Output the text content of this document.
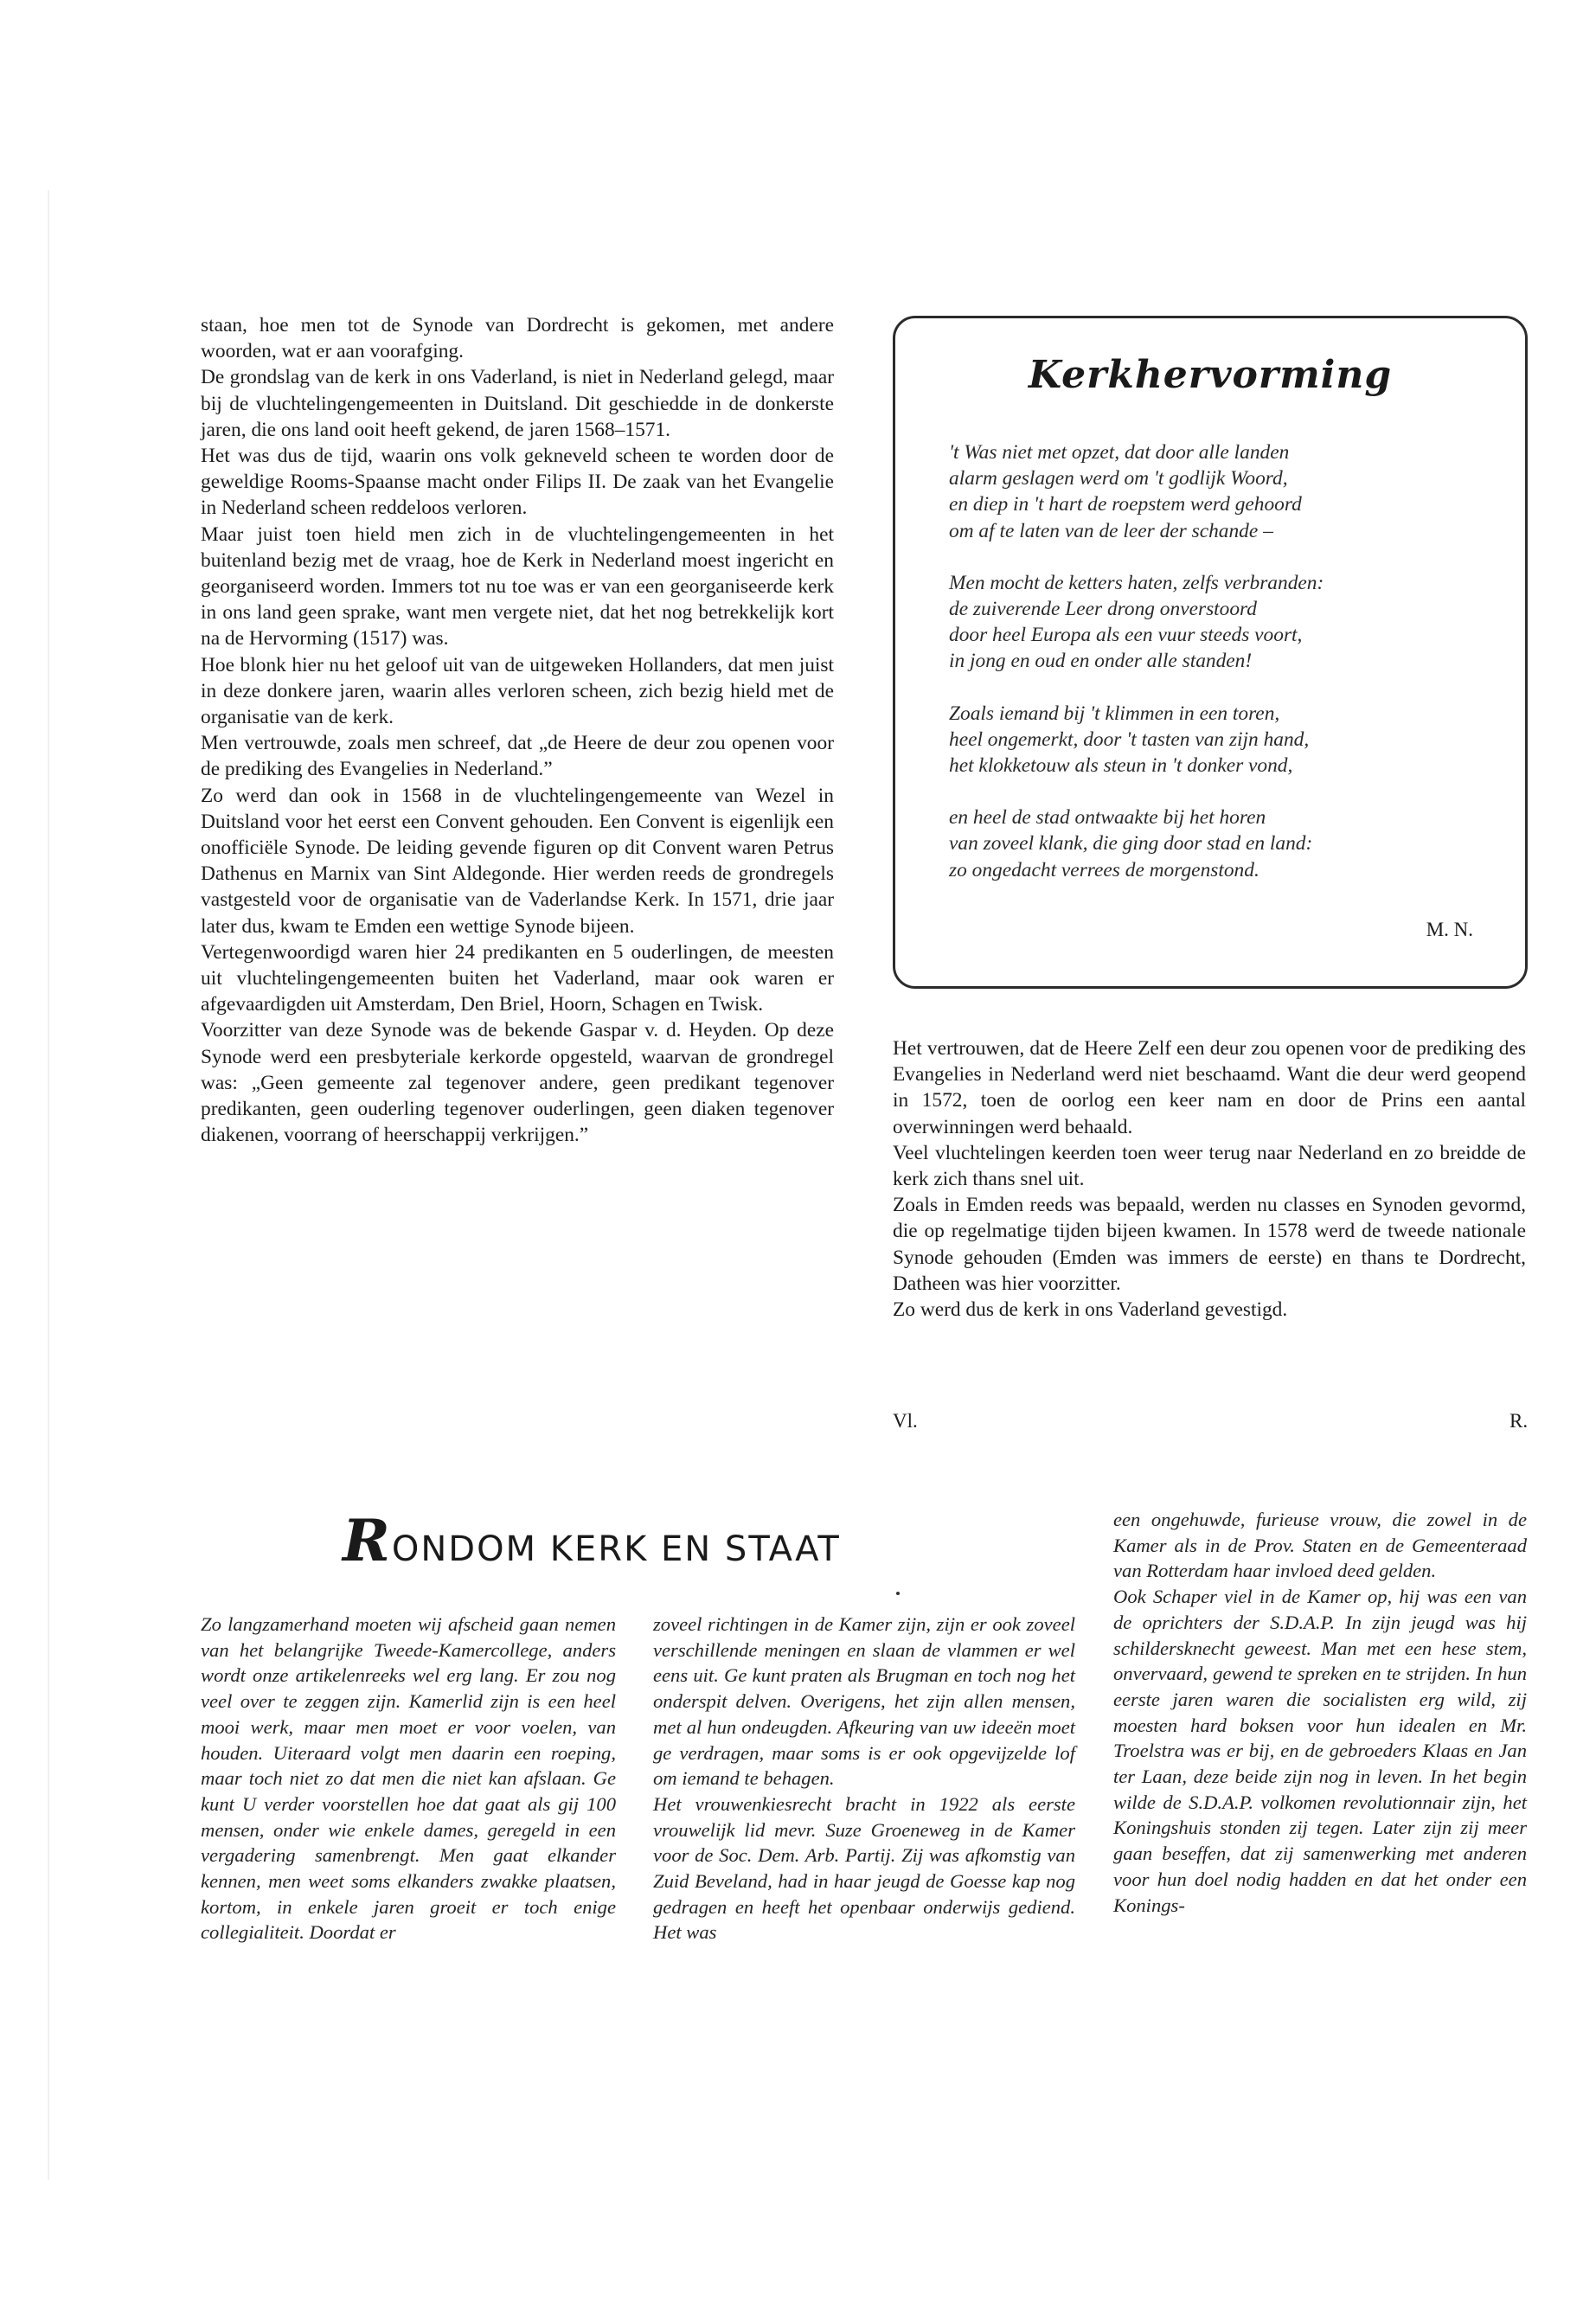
staan, hoe men tot de Synode van Dordrecht is gekomen, met andere woorden, wat er aan voorafging.

De grondslag van de kerk in ons Vaderland, is niet in Nederland gelegd, maar bij de vluchtelingengemeenten in Duitsland. Dit geschiedde in de donkerste jaren, die ons land ooit heeft gekend, de jaren 1568–1571.

Het was dus de tijd, waarin ons volk gekneveld scheen te worden door de geweldige Rooms-Spaanse macht onder Filips II. De zaak van het Evangelie in Nederland scheen reddeloos verloren.

Maar juist toen hield men zich in de vluchtelingengemeenten in het buitenland bezig met de vraag, hoe de Kerk in Nederland moest ingericht en georganiseerd worden. Immers tot nu toe was er van een georganiseerde kerk in ons land geen sprake, want men vergete niet, dat het nog betrekkelijk kort na de Hervorming (1517) was.

Hoe blonk hier nu het geloof uit van de uitgeweken Hollanders, dat men juist in deze donkere jaren, waarin alles verloren scheen, zich bezig hield met de organisatie van de kerk.

Men vertrouwde, zoals men schreef, dat „de Heere de deur zou openen voor de prediking des Evangelies in Nederland.”

Zo werd dan ook in 1568 in de vluchtelingengemeente van Wezel in Duitsland voor het eerst een Convent gehouden. Een Convent is eigenlijk een onofficiële Synode. De leiding gevende figuren op dit Convent waren Petrus Dathenus en Marnix van Sint Aldegonde. Hier werden reeds de grondregels vastgesteld voor de organisatie van de Vaderlandse Kerk. In 1571, drie jaar later dus, kwam te Emden een wettige Synode bijeen.

Vertegenwoordigd waren hier 24 predikanten en 5 ouderlingen, de meesten uit vluchtelingengemeenten buiten het Vaderland, maar ook waren er afgevaardigden uit Amsterdam, Den Briel, Hoorn, Schagen en Twisk.

Voorzitter van deze Synode was de bekende Gaspar v. d. Heyden. Op deze Synode werd een presbyteriale kerkorde opgesteld, waarvan de grondregel was: „Geen gemeente zal tegenover andere, geen predikant tegenover predikanten, geen ouderling tegenover ouderlingen, geen diaken tegenover diakenen, voorrang of heerschappij verkrijgen.”

Kerkhervorming
't Was niet met opzet, dat door alle landen
alarm geslagen werd om 't godlijk Woord,
en diep in 't hart de roepstem werd gehoord
om af te laten van de leer der schande –
Men mocht de ketters haten, zelfs verbranden:
de zuiverende Leer drong onverstoord
door heel Europa als een vuur steeds voort,
in jong en oud en onder alle standen!
Zoals iemand bij 't klimmen in een toren,
heel ongemerkt, door 't tasten van zijn hand,
het klokketouw als steun in 't donker vond,
en heel de stad ontwaakte bij het horen
van zoveel klank, die ging door stad en land:
zo ongedacht verrees de morgenstond.
M. N.

Het vertrouwen, dat de Heere Zelf een deur zou openen voor de prediking des Evangelies in Nederland werd niet beschaamd. Want die deur werd geopend in 1572, toen de oorlog een keer nam en door de Prins een aantal overwinningen werd behaald.

Veel vluchtelingen keerden toen weer terug naar Nederland en zo breidde de kerk zich thans snel uit.

Zoals in Emden reeds was bepaald, werden nu classes en Synoden gevormd, die op regelmatige tijden bijeen kwamen. In 1578 werd de tweede nationale Synode gehouden (Emden was immers de eerste) en thans te Dordrecht, Datheen was hier voorzitter.

Zo werd dus de kerk in ons Vaderland gevestigd.

Vl.	R.
RONDOM KERK EN STAAT

Zo langzamerhand moeten wij afscheid gaan nemen van het belangrijke Tweede-Kamercollege, anders wordt onze artikelenreeks wel erg lang. Er zou nog veel over te zeggen zijn. Kamerlid zijn is een heel mooi werk, maar men moet er voor voelen, van houden. Uiteraard volgt men daarin een roeping, maar toch niet zo dat men die niet kan afslaan. Ge kunt U verder voorstellen hoe dat gaat als gij 100 mensen, onder wie enkele dames, geregeld in een vergadering samenbrengt. Men gaat elkander kennen, men weet soms elkanders zwakke plaatsen, kortom, in enkele jaren groeit er toch enige collegialiteit. Doordat er

zoveel richtingen in de Kamer zijn, zijn er ook zoveel verschillende meningen en slaan de vlammen er wel eens uit. Ge kunt praten als Brugman en toch nog het onderspit delven. Overigens, het zijn allen mensen, met al hun ondeugden. Afkeuring van uw ideeën moet ge verdragen, maar soms is er ook opgevijzelde lof om iemand te behagen.
Het vrouwenkiesrecht bracht in 1922 als eerste vrouwelijk lid mevr. Suze Groeneweg in de Kamer voor de Soc. Dem. Arb. Partij. Zij was afkomstig van Zuid Beveland, had in haar jeugd de Goesse kap nog gedragen en heeft het openbaar onderwijs gediend. Het was

een ongehuwde, furieuse vrouw, die zowel in de Kamer als in de Prov. Staten en de Gemeenteraad van Rotterdam haar invloed deed gelden.
Ook Schaper viel in de Kamer op, hij was een van de oprichters der S.D.A.P. In zijn jeugd was hij schildersknecht geweest. Man met een hese stem, onvervaard, gewend te spreken en te strijden. In hun eerste jaren waren die socialisten erg wild, zij moesten hard boksen voor hun idealen en Mr. Troelstra was er bij, en de gebroeders Klaas en Jan ter Laan, deze beide zijn nog in leven. In het begin wilde de S.D.A.P. volkomen revolutionnair zijn, het Koningshuis stonden zij tegen. Later zijn zij meer gaan beseffen, dat zij samenwerking met anderen voor hun doel nodig hadden en dat het onder een Konings-
